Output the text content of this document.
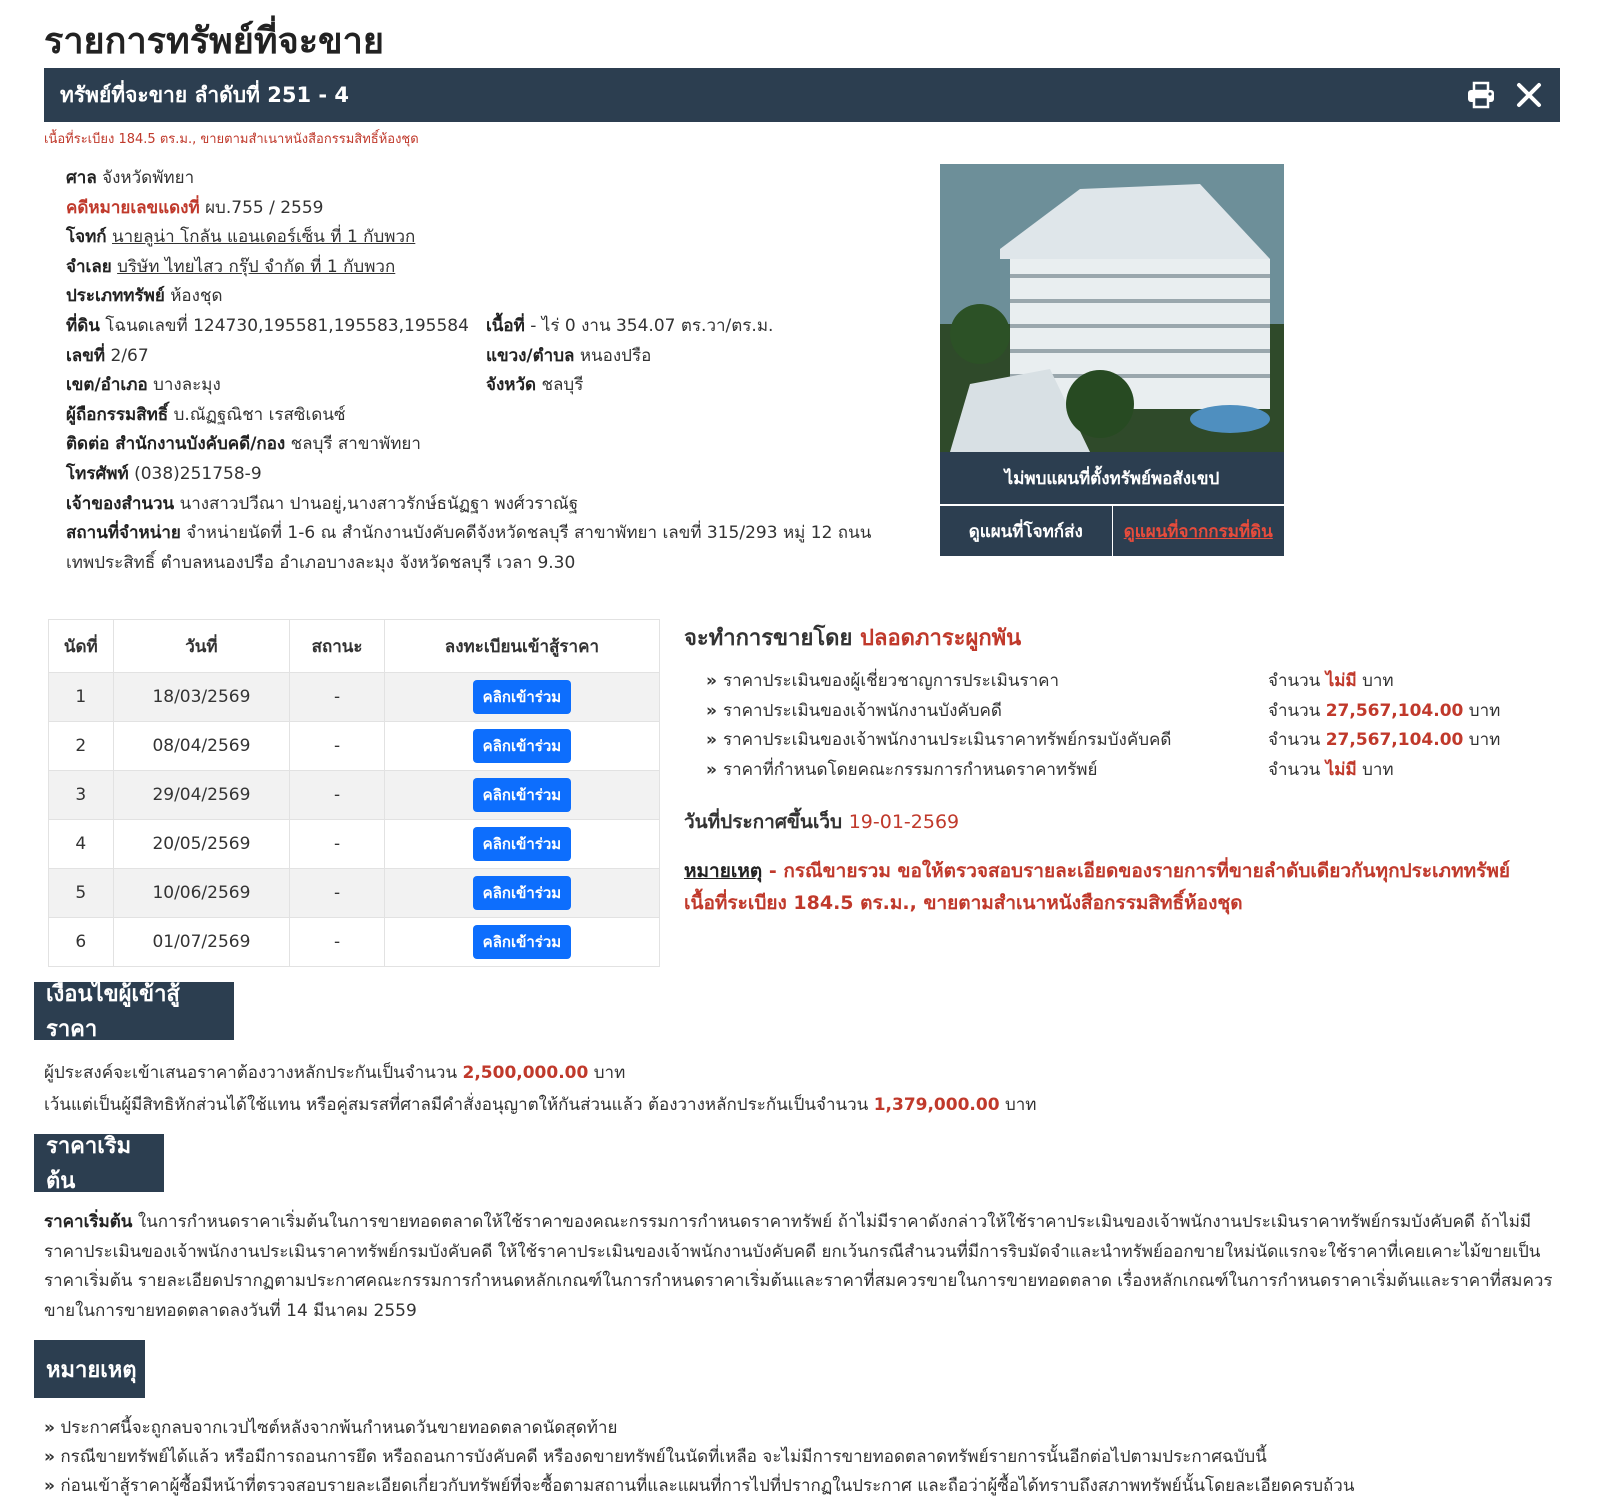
รายการทรัพย์ที่จะขาย
ทรัพย์ที่จะขาย ลำดับที่ 251 - 4
เนื้อที่ระเบียง 184.5 ตร.ม., ขายตามสำเนาหนังสือกรรมสิทธิ์ห้องชุด
ศาล จังหวัดพัทยา
คดีหมายเลขแดงที่ ผบ.755 / 2559
โจทก์ นายลูน่า โกลัน แอนเดอร์เซ็น ที่ 1 กับพวก
จำเลย บริษัท ไทยไสว กรุ๊ป จำกัด ที่ 1 กับพวก
ประเภททรัพย์ ห้องชุด
ที่ดิน โฉนดเลขที่ 124730,195581,195583,195584 เนื้อที่ - ไร่ 0 งาน 354.07 ตร.วา/ตร.ม.
เลขที่ 2/67	แขวง/ตำบล หนองปรือ
เขต/อำเภอ บางละมุง	จังหวัด ชลบุรี
ผู้ถือกรรมสิทธิ์ บ.ณัฏฐณิชา เรสซิเดนซ์
ติดต่อ สำนักงานบังคับคดี/กอง ชลบุรี สาขาพัทยา
โทรศัพท์ (038)251758-9
เจ้าของสำนวน นางสาวปวีณา ปานอยู่,นางสาวรักษ์ธนัฏฐา พงศ์วราณัฐ
สถานที่จำหน่าย จำหน่ายนัดที่ 1-6 ณ สำนักงานบังคับคดีจังหวัดชลบุรี สาขาพัทยา เลขที่ 315/293 หมู่ 12 ถนน
เทพประสิทธิ์ ตำบลหนองปรือ อำเภอบางละมุง จังหวัดชลบุรี เวลา 9.30
ไม่พบแผนที่ตั้งทรัพย์พอสังเขป
ดูแผนที่โจทก์ส่ง	ดูแผนที่จากกรมที่ดิน
นัดที่	วันที่	สถานะ	ลงทะเบียนเข้าสู้ราคา
1	18/03/2569	-	คลิกเข้าร่วม
2	08/04/2569	-	คลิกเข้าร่วม
3	29/04/2569	-	คลิกเข้าร่วม
4	20/05/2569	-	คลิกเข้าร่วม
5	10/06/2569	-	คลิกเข้าร่วม
6	01/07/2569	-	คลิกเข้าร่วม
จะทำการขายโดย ปลอดภาระผูกพัน
» ราคาประเมินของผู้เชี่ยวชาญการประเมินราคา	จำนวน ไม่มี บาท
» ราคาประเมินของเจ้าพนักงานบังคับคดี	จำนวน 27,567,104.00 บาท
» ราคาประเมินของเจ้าพนักงานประเมินราคาทรัพย์กรมบังคับคดี	จำนวน 27,567,104.00 บาท
» ราคาที่กำหนดโดยคณะกรรมการกำหนดราคาทรัพย์	จำนวน ไม่มี บาท
วันที่ประกาศขึ้นเว็บ 19-01-2569
หมายเหตุ - กรณีขายรวม ขอให้ตรวจสอบรายละเอียดของรายการที่ขายลำดับเดียวกันทุกประเภททรัพย์
เนื้อที่ระเบียง 184.5 ตร.ม., ขายตามสำเนาหนังสือกรรมสิทธิ์ห้องชุด
เงื่อนไขผู้เข้าสู้ราคา
ผู้ประสงค์จะเข้าเสนอราคาต้องวางหลักประกันเป็นจำนวน 2,500,000.00 บาท
เว้นแต่เป็นผู้มีสิทธิหักส่วนได้ใช้แทน หรือคู่สมรสที่ศาลมีคำสั่งอนุญาตให้กันส่วนแล้ว ต้องวางหลักประกันเป็นจำนวน 1,379,000.00 บาท
ราคาเริ่มต้น
ราคาเริ่มต้น ในการกำหนดราคาเริ่มต้นในการขายทอดตลาดให้ใช้ราคาของคณะกรรมการกำหนดราคาทรัพย์ ถ้าไม่มีราคาดังกล่าวให้ใช้ราคาประเมินของเจ้าพนักงานประเมินราคาทรัพย์กรมบังคับคดี ถ้าไม่มีราคาประเมินของเจ้าพนักงานประเมินราคาทรัพย์กรมบังคับคดี ให้ใช้ราคาประเมินของเจ้าพนักงานบังคับคดี ยกเว้นกรณีสำนวนที่มีการริบมัดจำและนำทรัพย์ออกขายใหม่นัดแรกจะใช้ราคาที่เคยเคาะไม้ขายเป็นราคาเริ่มต้น รายละเอียดปรากฏตามประกาศคณะกรรมการกำหนดหลักเกณฑ์ในการกำหนดราคาเริ่มต้นและราคาที่สมควรขายในการขายทอดตลาด เรื่องหลักเกณฑ์ในการกำหนดราคาเริ่มต้นและราคาที่สมควรขายในการขายทอดตลาดลงวันที่ 14 มีนาคม 2559
หมายเหตุ
» ประกาศนี้จะถูกลบจากเวปไซต์หลังจากพ้นกำหนดวันขายทอดตลาดนัดสุดท้าย
» กรณีขายทรัพย์ได้แล้ว หรือมีการถอนการยึด หรือถอนการบังคับคดี หรืองดขายทรัพย์ในนัดที่เหลือ จะไม่มีการขายทอดตลาดทรัพย์รายการนั้นอีกต่อไปตามประกาศฉบับนี้
» ก่อนเข้าสู้ราคาผู้ซื้อมีหน้าที่ตรวจสอบรายละเอียดเกี่ยวกับทรัพย์ที่จะซื้อตามสถานที่และแผนที่การไปที่ปรากฏในประกาศ และถือว่าผู้ซื้อได้ทราบถึงสภาพทรัพย์นั้นโดยละเอียดครบถ้วน
